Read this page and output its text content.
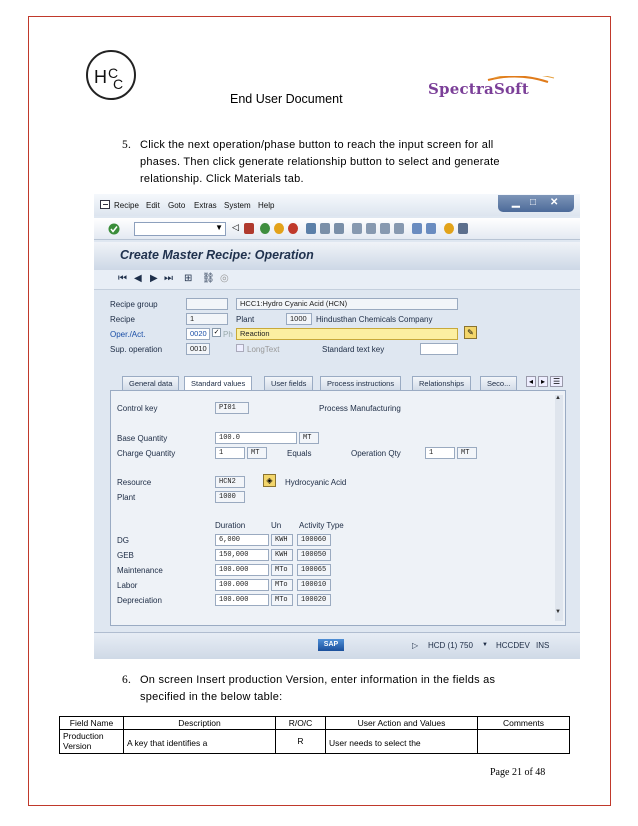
H C
C	SpectraSoft
End User Document
5. Click the next operation/phase button to reach the input screen for all phases. Then click generate relationship button to select and generate relationship. Click Materials tab.
Recipe Edit Goto Extras System Help	▁ □ ✕
▼ ◁
Create Master Recipe: Operation
⏮ ◀ ▶ ⏭ ⊞ ⛓ ◎
Recipe group	HCC1:Hydro Cyanic Acid (HCN)
Recipe	1	Plant	1000	Hindusthan Chemicals Company
Oper./Act.	0020 ✓ Ph Reaction	✎
Sup. operation	0010	LongText	Standard text key
General data	Standard values	User fields	Process instructions	Relationships	Seco...	◂ ▸ ☰
Control key	PI01	Process Manufacturing
Base Quantity	100.0	MT
Charge Quantity	1	MT	Equals	Operation Qty	1	MT
Resource	HCN2	◈	Hydrocyanic Acid
Plant	1000
Duration	Un Activity Type
DG	6,000	KWH	100060
GEB	150,000	KWH	100050
Maintenance	100.000	MTo	100065
Labor	100.000	MTo	100010
Depreciation	100.000	MTo	100020
▲
▼
SAP	▷ HCD (1) 750 ▼ HCCDEV INS
6. On screen Insert production Version, enter information in the fields as specified in the below table:
Field Name	Description	R/O/C	User Action and Values	Comments
Production Version	A key that identifies a	R	User needs to select the	
Page 21 of 48
